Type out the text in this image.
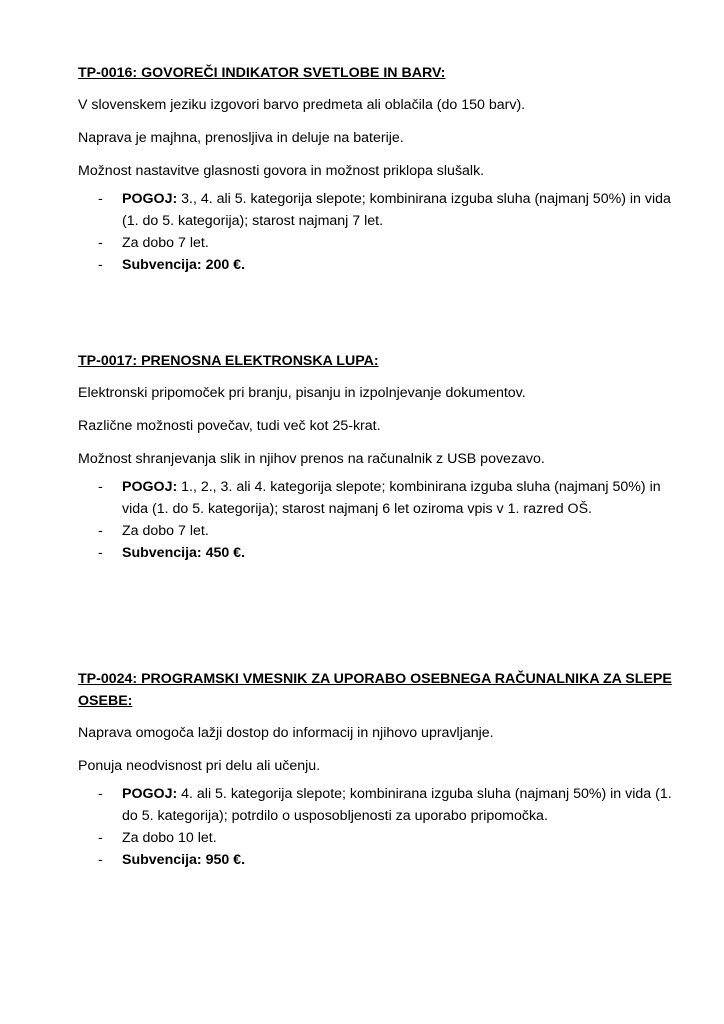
TP-0016: GOVOREČI INDIKATOR SVETLOBE IN BARV:
V slovenskem jeziku izgovori barvo predmeta ali oblačila (do 150 barv).
Naprava je majhna, prenosljiva in deluje na baterije.
Možnost nastavitve glasnosti govora in možnost priklopa slušalk.
- POGOJ: 3., 4. ali 5. kategorija slepote; kombinirana izguba sluha (najmanj 50%) in vida (1. do 5. kategorija); starost najmanj 7 let.
- Za dobo 7 let.
- Subvencija: 200 €.
TP-0017: PRENOSNA ELEKTRONSKA LUPA:
Elektronski pripomoček pri branju, pisanju in izpolnjevanje dokumentov.
Različne možnosti povečav, tudi več kot 25-krat.
Možnost shranjevanja slik in njihov prenos na računalnik z USB povezavo.
- POGOJ: 1., 2., 3. ali 4. kategorija slepote; kombinirana izguba sluha (najmanj 50%) in vida (1. do 5. kategorija); starost najmanj 6 let oziroma vpis v 1. razred OŠ.
- Za dobo 7 let.
- Subvencija: 450 €.
TP-0024: PROGRAMSKI VMESNIK ZA UPORABO OSEBNEGA RAČUNALNIKA ZA SLEPE OSEBE:
Naprava omogoča lažji dostop do informacij in njihovo upravljanje.
Ponuja neodvisnost pri delu ali učenju.
- POGOJ: 4. ali 5. kategorija slepote; kombinirana izguba sluha (najmanj 50%) in vida (1. do 5. kategorija); potrdilo o usposobljenosti za uporabo pripomočka.
- Za dobo 10 let.
- Subvencija: 950 €.
